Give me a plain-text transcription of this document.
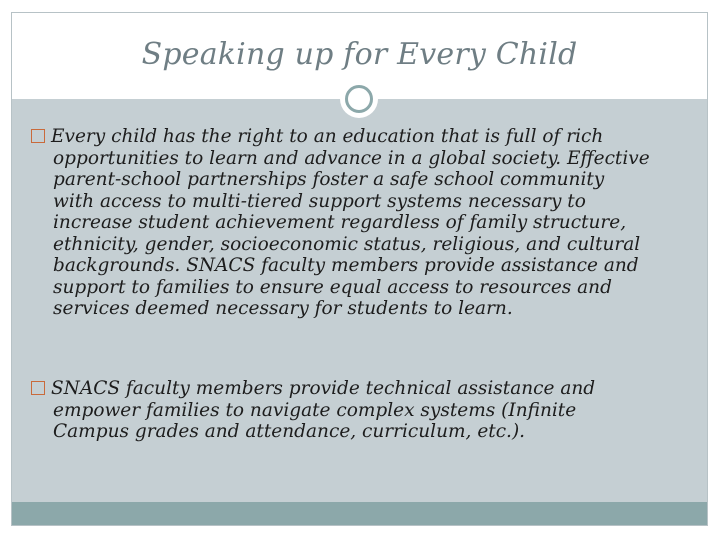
Speaking up for Every Child
Every child has the right to an education that is full of rich opportunities to learn and advance in a global society. Effective parent-school partnerships foster a safe school community with access to multi-tiered support systems necessary to increase student achievement regardless of family structure, ethnicity, gender, socioeconomic status, religious, and cultural backgrounds. SNACS faculty members provide assistance and support to families to ensure equal access to resources and services deemed necessary for students to learn.
SNACS faculty members provide technical assistance and empower families to navigate complex systems (Infinite Campus grades and attendance, curriculum, etc.).
